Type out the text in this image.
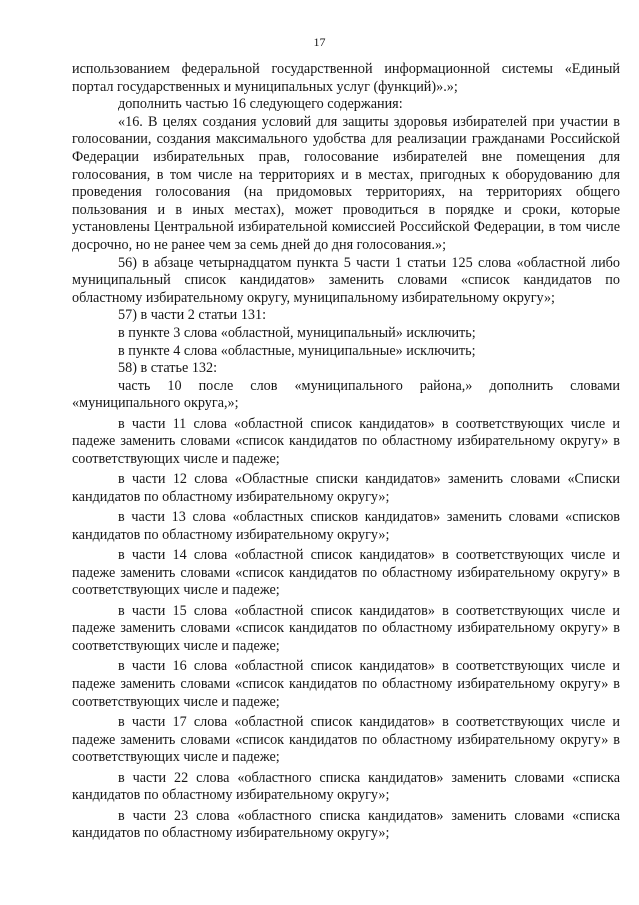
17

использованием федеральной государственной информационной системы «Единый портал государственных и муниципальных услуг (функций)».»;

дополнить частью 16 следующего содержания:

«16. В целях создания условий для защиты здоровья избирателей при участии в голосовании, создания максимального удобства для реализации гражданами Российской Федерации избирательных прав, голосование избирателей вне помещения для голосования, в том числе на территориях и в местах, пригодных к оборудованию для проведения голосования (на придомовых территориях, на территориях общего пользования и в иных местах), может проводиться в порядке и сроки, которые установлены Центральной избирательной комиссией Российской Федерации, в том числе досрочно, но не ранее чем за семь дней до дня голосования.»;

56) в абзаце четырнадцатом пункта 5 части 1 статьи 125 слова «областной либо муниципальный список кандидатов» заменить словами «список кандидатов по областному избирательному округу, муниципальному избирательному округу»;

57) в части 2 статьи 131:

в пункте 3 слова «областной, муниципальный» исключить;

в пункте 4 слова «областные, муниципальные» исключить;

58) в статье 132:

часть 10 после слов «муниципального района,» дополнить словами «муниципального округа,»;

в части 11 слова «областной список кандидатов» в соответствующих числе и падеже заменить словами «список кандидатов по областному избирательному округу» в соответствующих числе и падеже;

в части 12 слова «Областные списки кандидатов» заменить словами «Списки кандидатов по областному избирательному округу»;

в части 13 слова «областных списков кандидатов» заменить словами «списков кандидатов по областному избирательному округу»;

в части 14 слова «областной список кандидатов» в соответствующих числе и падеже заменить словами «список кандидатов по областному избирательному округу» в соответствующих числе и падеже;

в части 15 слова «областной список кандидатов» в соответствующих числе и падеже заменить словами «список кандидатов по областному избирательному округу» в соответствующих числе и падеже;

в части 16 слова «областной список кандидатов» в соответствующих числе и падеже заменить словами «список кандидатов по областному избирательному округу» в соответствующих числе и падеже;

в части 17 слова «областной список кандидатов» в соответствующих числе и падеже заменить словами «список кандидатов по областному избирательному округу» в соответствующих числе и падеже;

в части 22 слова «областного списка кандидатов» заменить словами «списка кандидатов по областному избирательному округу»;

в части 23 слова «областного списка кандидатов» заменить словами «списка кандидатов по областному избирательному округу»;
